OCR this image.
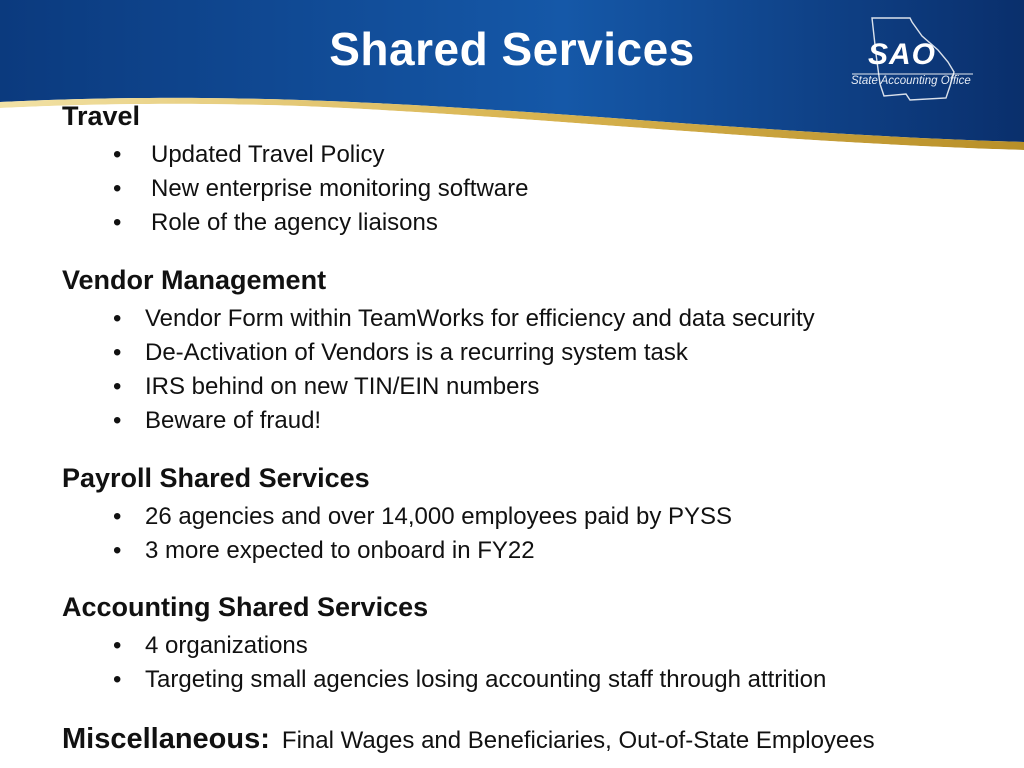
Shared Services	SAO
State Accounting Office
Travel
• Updated Travel Policy
• New enterprise monitoring software
• Role of the agency liaisons
Vendor Management
• Vendor Form within TeamWorks for efficiency and data security
• De-Activation of Vendors is a recurring system task
• IRS behind on new TIN/EIN numbers
• Beware of fraud!
Payroll Shared Services
• 26 agencies and over 14,000 employees paid by PYSS
• 3 more expected to onboard in FY22
Accounting Shared Services
• 4 organizations
• Targeting small agencies losing accounting staff through attrition
Miscellaneous: Final Wages and Beneficiaries, Out-of-State Employees
